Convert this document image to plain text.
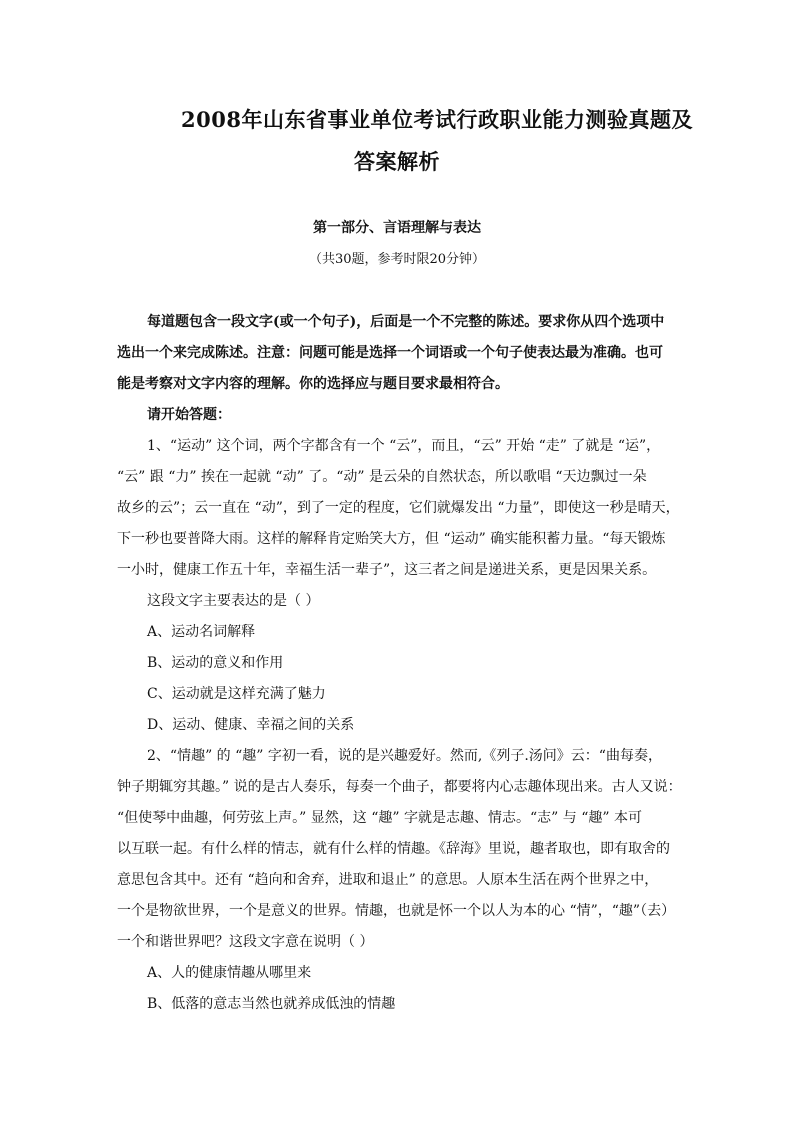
2008年山东省事业单位考试行政职业能力测验真题及
答案解析
第一部分、言语理解与表达
（共30题，参考时限20分钟）

每道题包含一段文字(或一个句子)，后面是一个不完整的陈述。要求你从四个选项中

选出一个来完成陈述。注意：问题可能是选择一个词语或一个句子使表达最为准确。也可

能是考察对文字内容的理解。你的选择应与题目要求最相符合。

请开始答题：

1、“运动” 这个词，两个字都含有一个 “云”，而且，“云” 开始 “走” 了就是 “运”，

“云” 跟 “力” 挨在一起就 “动” 了。“动” 是云朵的自然状态，所以歌唱 “天边飘过一朵

故乡的云”；云一直在 “动”，到了一定的程度，它们就爆发出 “力量”，即使这一秒是晴天，

下一秒也要普降大雨。这样的解释肯定贻笑大方，但 “运动” 确实能积蓄力量。“每天锻炼

一小时，健康工作五十年，幸福生活一辈子”，这三者之间是递进关系，更是因果关系。

这段文字主要表达的是（ ）

A、运动名词解释

B、运动的意义和作用

C、运动就是这样充满了魅力

D、运动、健康、幸福之间的关系

2、“情趣” 的 “趣” 字初一看，说的是兴趣爱好。然而,《列子.汤问》云：“曲每奏，

钟子期辄穷其趣。” 说的是古人奏乐，每奏一个曲子，都要将内心志趣体现出来。古人又说：

“但使琴中曲趣，何劳弦上声。” 显然，这 “趣” 字就是志趣、情志。“志” 与 “趣” 本可

以互联一起。有什么样的情志，就有什么样的情趣。《辞海》里说，趣者取也，即有取舍的

意思包含其中。还有 “趋向和舍弃，进取和退止” 的意思。人原本生活在两个世界之中，

一个是物欲世界，一个是意义的世界。情趣，也就是怀一个以人为本的心 “情”，“趣”（去）

一个和谐世界吧？这段文字意在说明（ ）

A、人的健康情趣从哪里来

B、低落的意志当然也就养成低浊的情趣
